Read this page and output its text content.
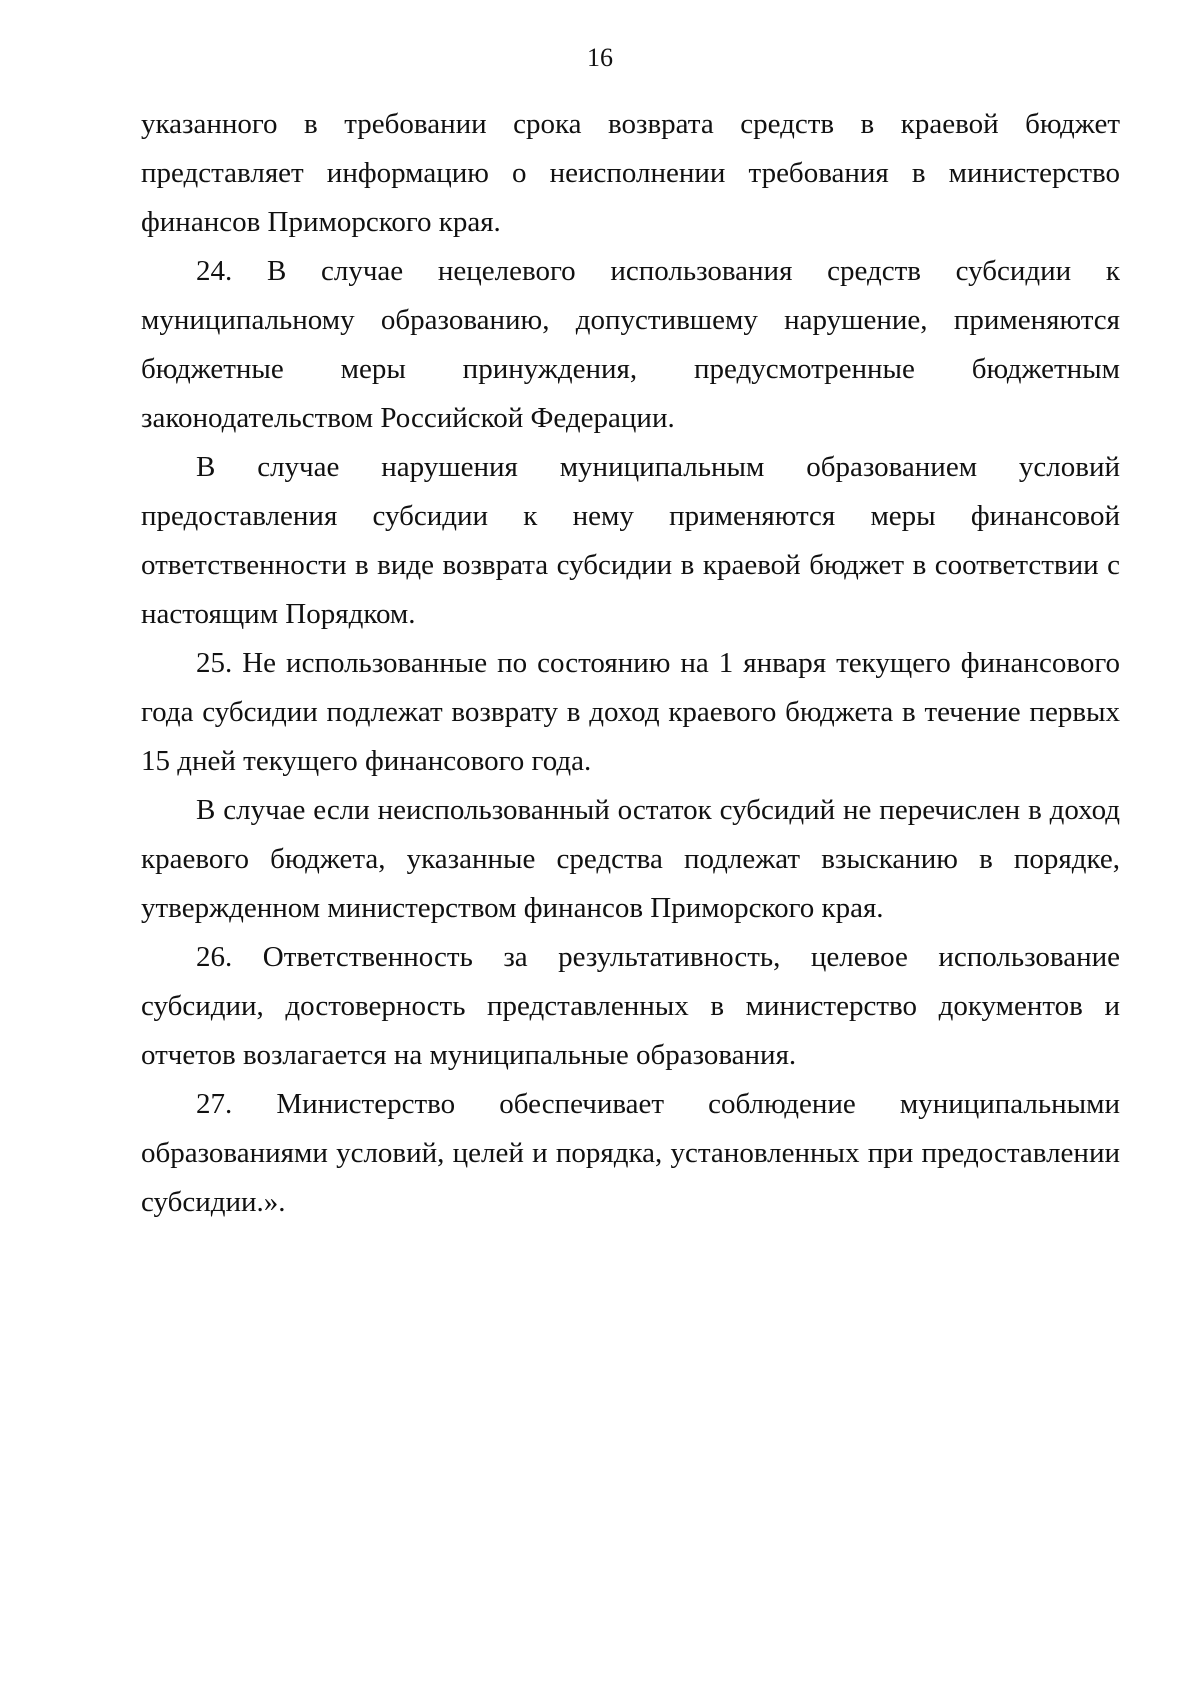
16

указанного в требовании срока возврата средств в краевой бюджет представляет информацию о неисполнении требования в министерство финансов Приморского края.

24. В случае нецелевого использования средств субсидии к муниципальному образованию, допустившему нарушение, применяются бюджетные меры принуждения, предусмотренные бюджетным законодательством Российской Федерации.

В случае нарушения муниципальным образованием условий предоставления субсидии к нему применяются меры финансовой ответственности в виде возврата субсидии в краевой бюджет в соответствии с настоящим Порядком.

25. Не использованные по состоянию на 1 января текущего финансового года субсидии подлежат возврату в доход краевого бюджета в течение первых 15 дней текущего финансового года.

В случае если неиспользованный остаток субсидий не перечислен в доход краевого бюджета, указанные средства подлежат взысканию в порядке, утвержденном министерством финансов Приморского края.

26. Ответственность за результативность, целевое использование субсидии, достоверность представленных в министерство документов и отчетов возлагается на муниципальные образования.

27. Министерство обеспечивает соблюдение муниципальными образованиями условий, целей и порядка, установленных при предоставлении субсидии.».
